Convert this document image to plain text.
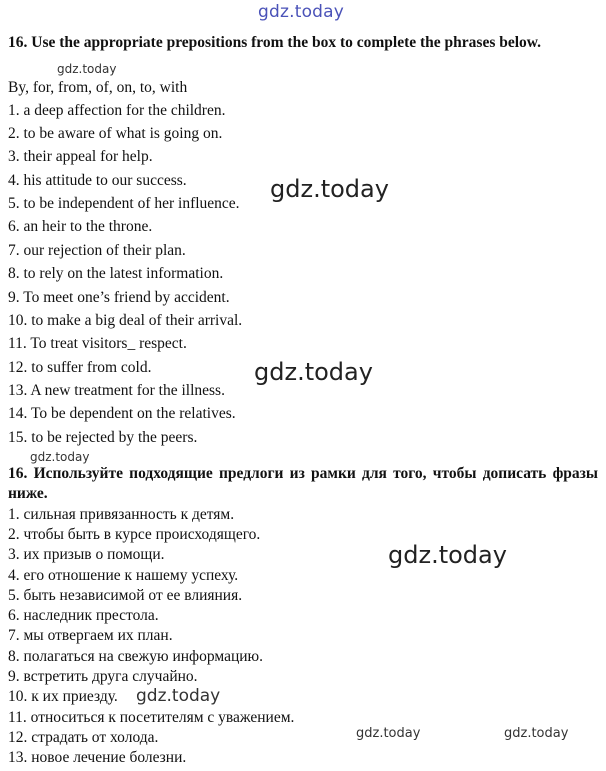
gdz.today
16. Use the appropriate prepositions from the box to complete the phrases below.
gdz.today
By, for, from, of, on, to, with
1. a deep affection for the children.
2. to be aware of what is going on.
3. their appeal for help.
4. his attitude to our success.
5. to be independent of her influence.
6. an heir to the throne.
7. our rejection of their plan.
8. to rely on the latest information.
9. To meet one’s friend by accident.
10. to make a big deal of their arrival.
11. To treat visitors_ respect.
12. to suffer from cold.
13. A new treatment for the illness.
14. To be dependent on the relatives.
15. to be rejected by the peers.
gdz.today
gdz.today
gdz.today
16. Используйте подходящие предлоги из рамки для того, чтобы дописать фразы ниже.
1. сильная привязанность к детям.
2. чтобы быть в курсе происходящего.
3. их призыв о помощи.
4. его отношение к нашему успеху.
5. быть независимой от ее влияния.
6. наследник престола.
7. мы отвергаем их план.
8. полагаться на свежую информацию.
9. встретить друга случайно.
10. к их приезду.
11. относиться к посетителям с уважением.
12. страдать от холода.
13. новое лечение болезни.
gdz.today
gdz.today
gdz.today	gdz.today
